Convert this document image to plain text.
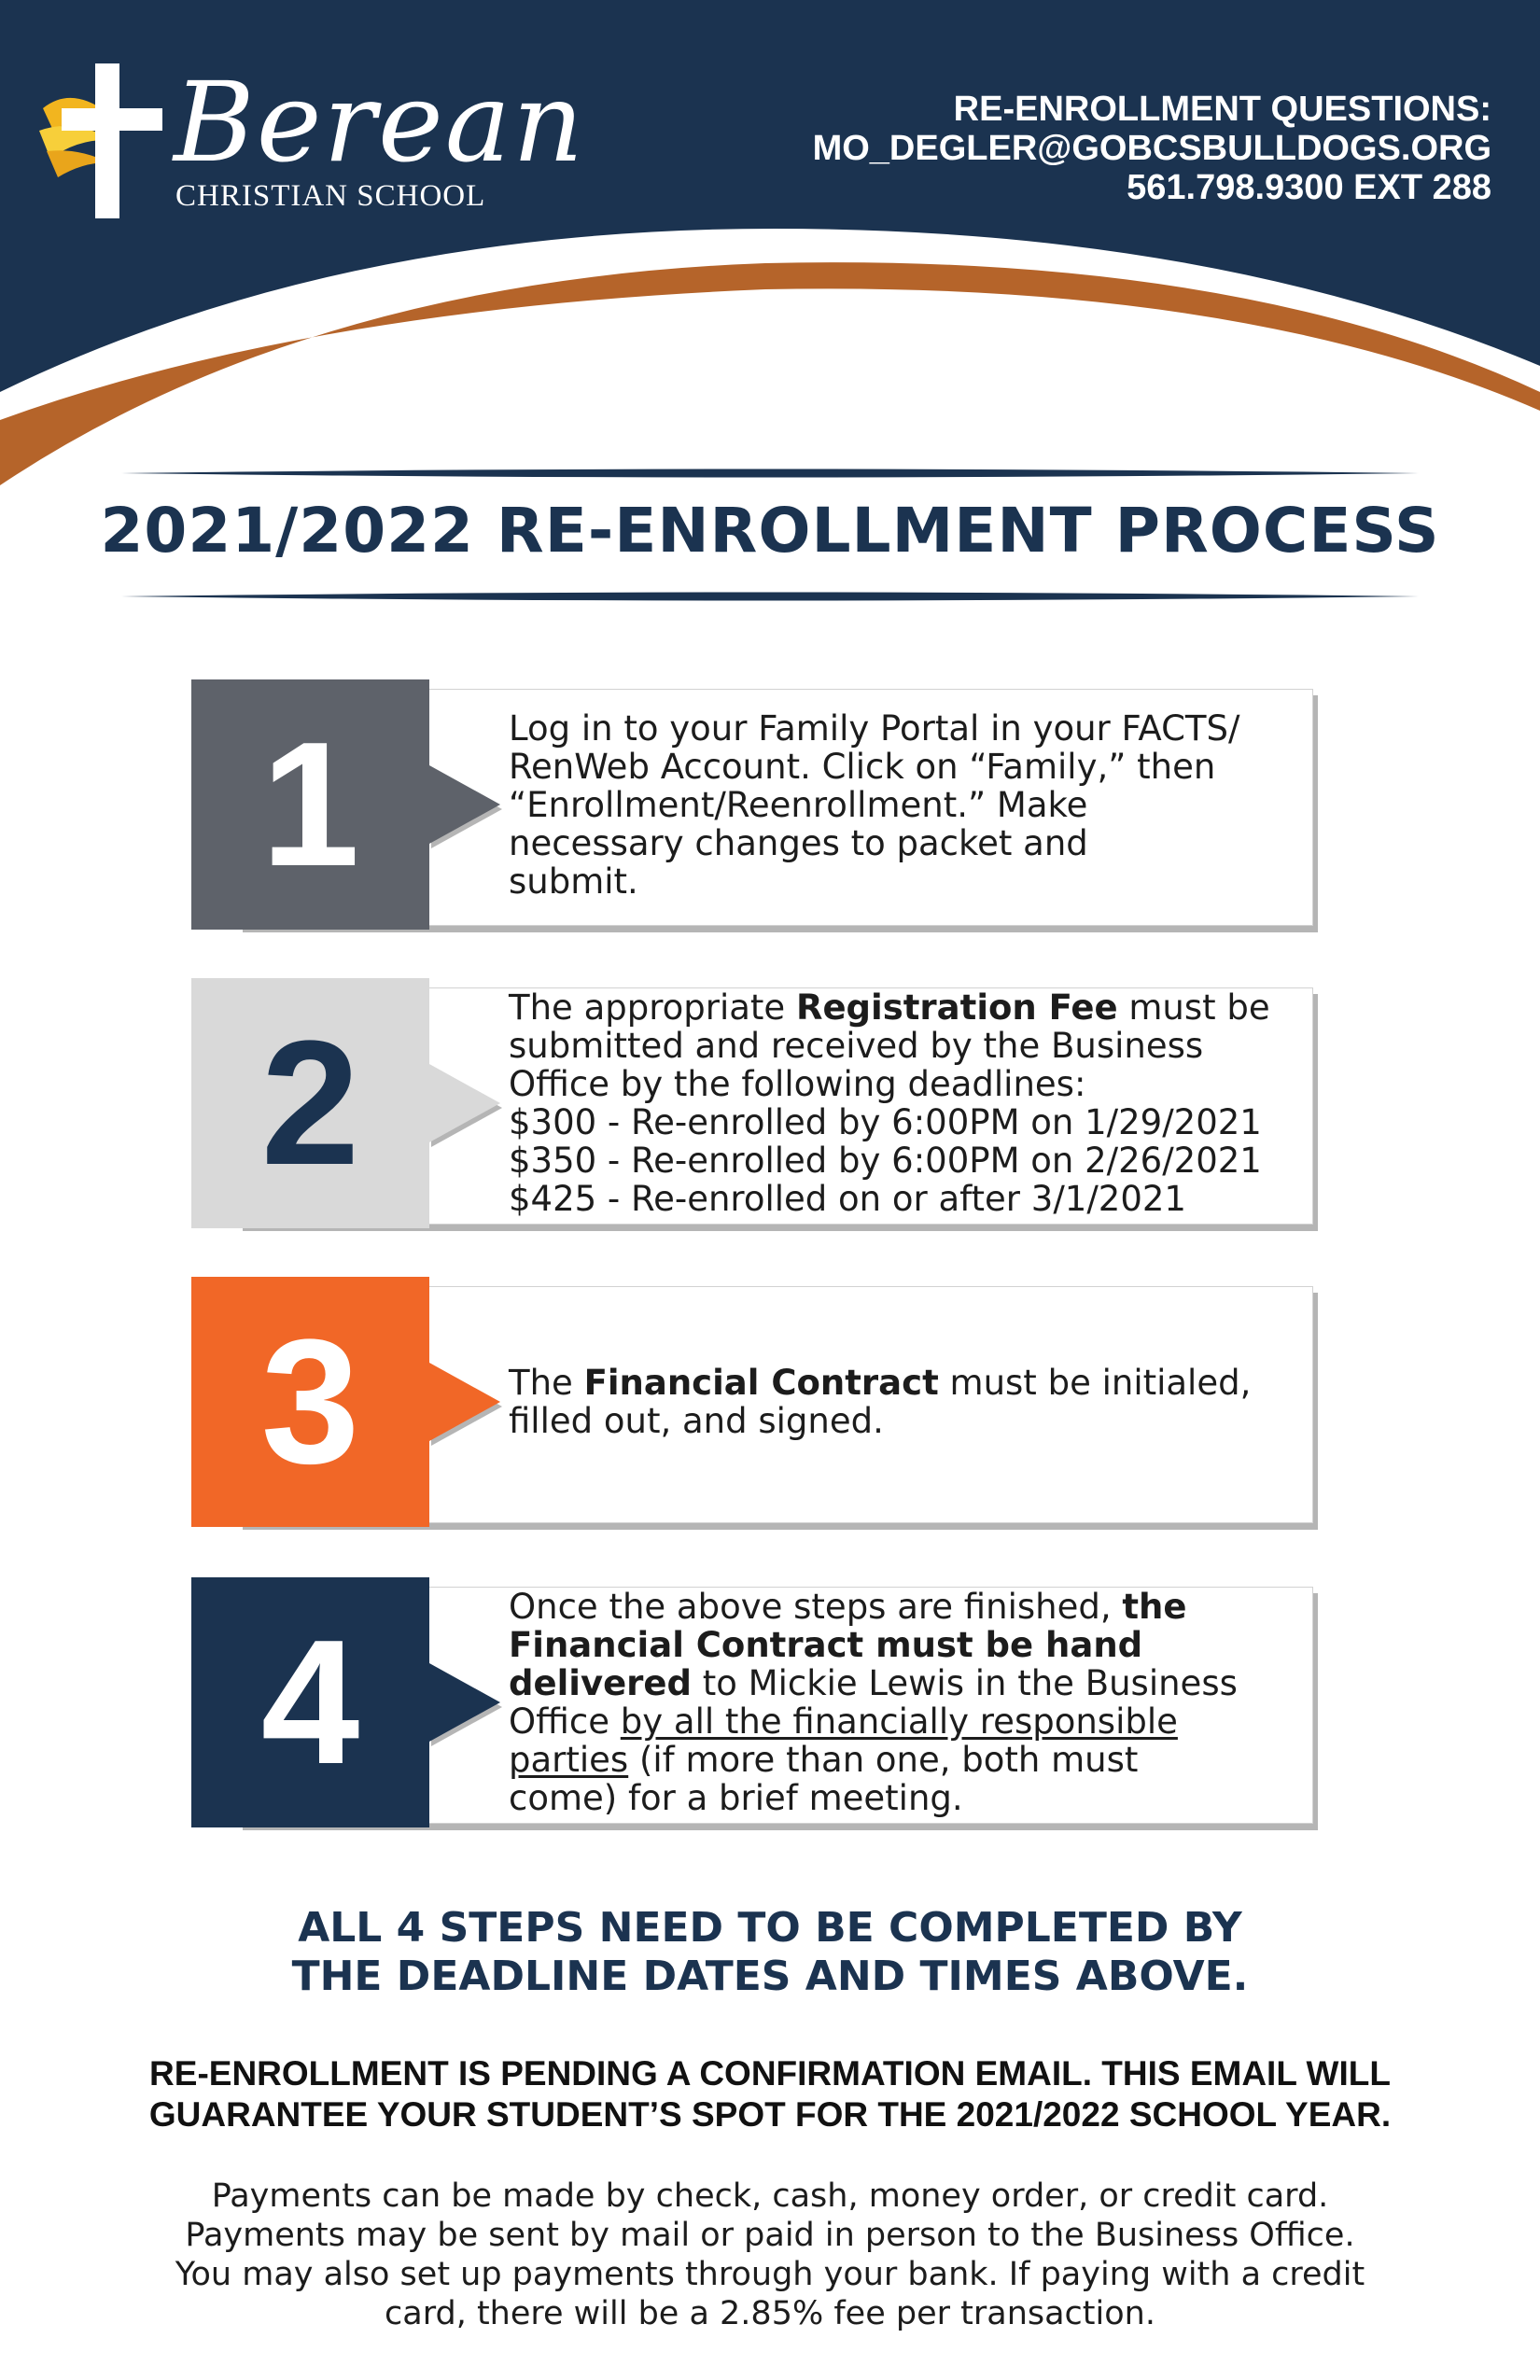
Berean
CHRISTIAN SCHOOL
RE-ENROLLMENT QUESTIONS:
MO_DEGLER@GOBCSBULLDOGS.ORG
561.798.9300 EXT 288
2021/2022 RE-ENROLLMENT PROCESS
1	Log in to your Family Portal in your FACTS/
RenWeb Account. Click on “Family,” then
“Enrollment/Reenrollment.” Make
necessary changes to packet and
submit.
2	The appropriate Registration Fee must be
submitted and received by the Business
Office by the following deadlines:
$300 - Re-enrolled by 6:00PM on 1/29/2021
$350 - Re-enrolled by 6:00PM on 2/26/2021
$425 - Re-enrolled on or after 3/1/2021
3	The Financial Contract must be initialed,
filled out, and signed.
4	Once the above steps are finished, the
Financial Contract must be hand
delivered to Mickie Lewis in the Business
Office by all the financially responsible
parties (if more than one, both must
come) for a brief meeting.
ALL 4 STEPS NEED TO BE COMPLETED BY
THE DEADLINE DATES AND TIMES ABOVE.
RE-ENROLLMENT IS PENDING A CONFIRMATION EMAIL. THIS EMAIL WILL
GUARANTEE YOUR STUDENT’S SPOT FOR THE 2021/2022 SCHOOL YEAR.
Payments can be made by check, cash, money order, or credit card.
Payments may be sent by mail or paid in person to the Business Office.
You may also set up payments through your bank. If paying with a credit
card, there will be a 2.85% fee per transaction.
